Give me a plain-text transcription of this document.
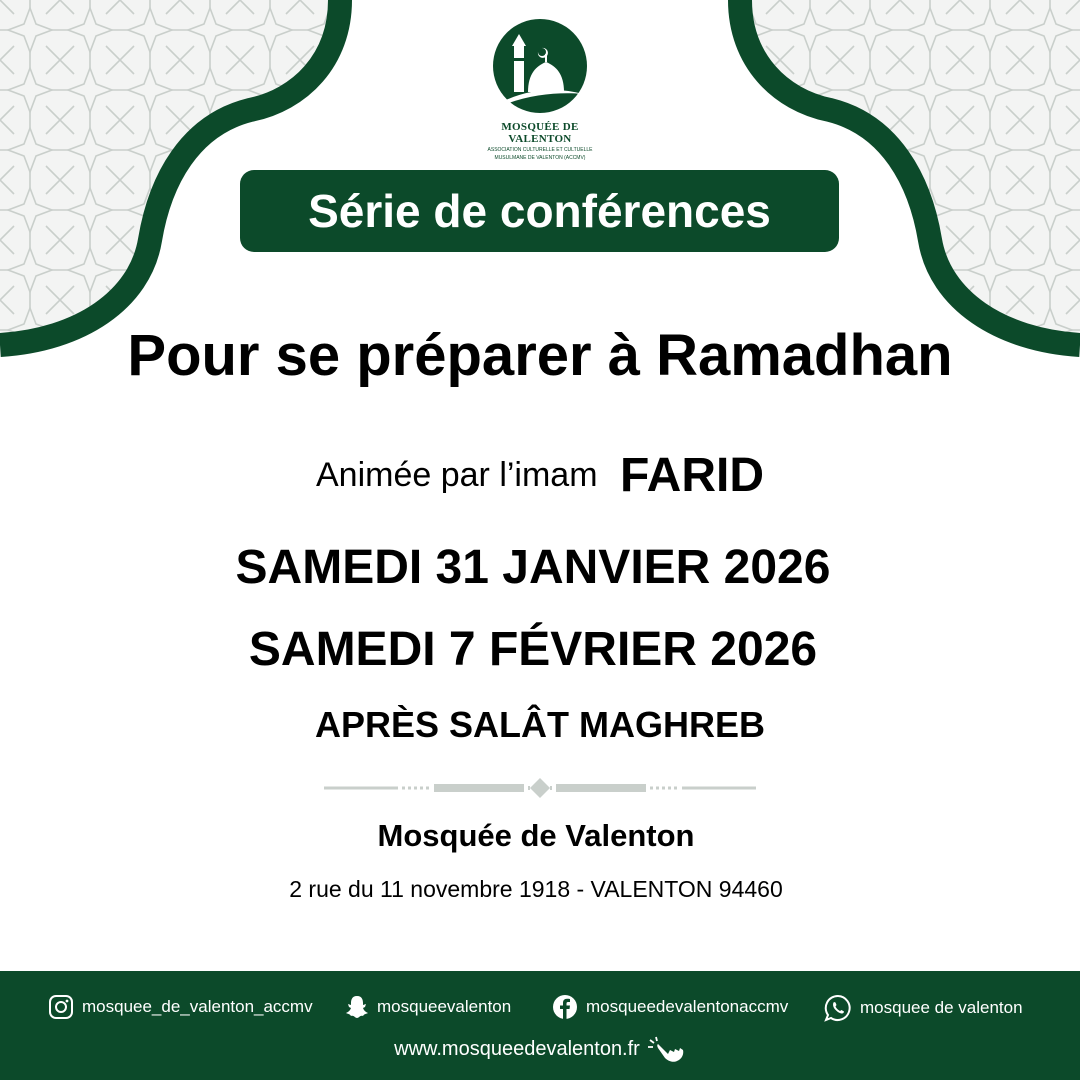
MOSQUÉE DE VALENTON
ASSOCIATION CULTURELLE ET CULTUELLE
MUSULMANE DE VALENTON (ACCMV)
Série de conférences
Pour se préparer à Ramadhan
Animée par l’imam FARID
SAMEDI 31 JANVIER 2026
SAMEDI 7 FÉVRIER 2026
APRÈS SALÂT MAGHREB
Mosquée de Valenton
2 rue du 11 novembre 1918 - VALENTON 94460
mosquee_de_valenton_accmv	mosqueevalenton	mosqueedevalentonaccmv	mosquee de valenton
www.mosqueedevalenton.fr
